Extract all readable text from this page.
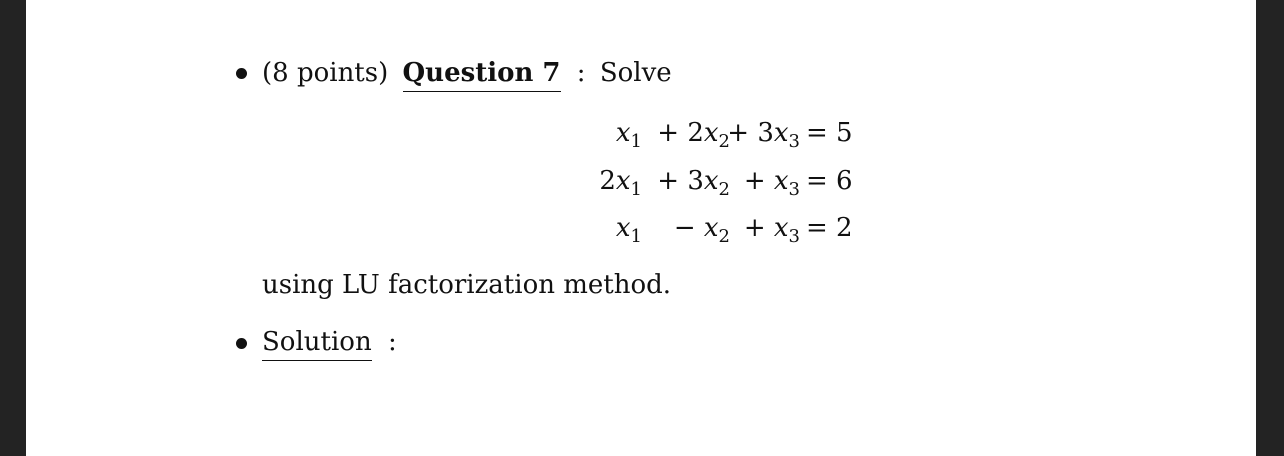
(8 points) Question 7 : Solve
$x_1 + 2x_2$
+ $3x_3 = 5$
$2x_1 + 3x_2 + x_3 = 6$
$x_1 - x_2 + x_3 = 2$
using LU factorization method.
Solution :
